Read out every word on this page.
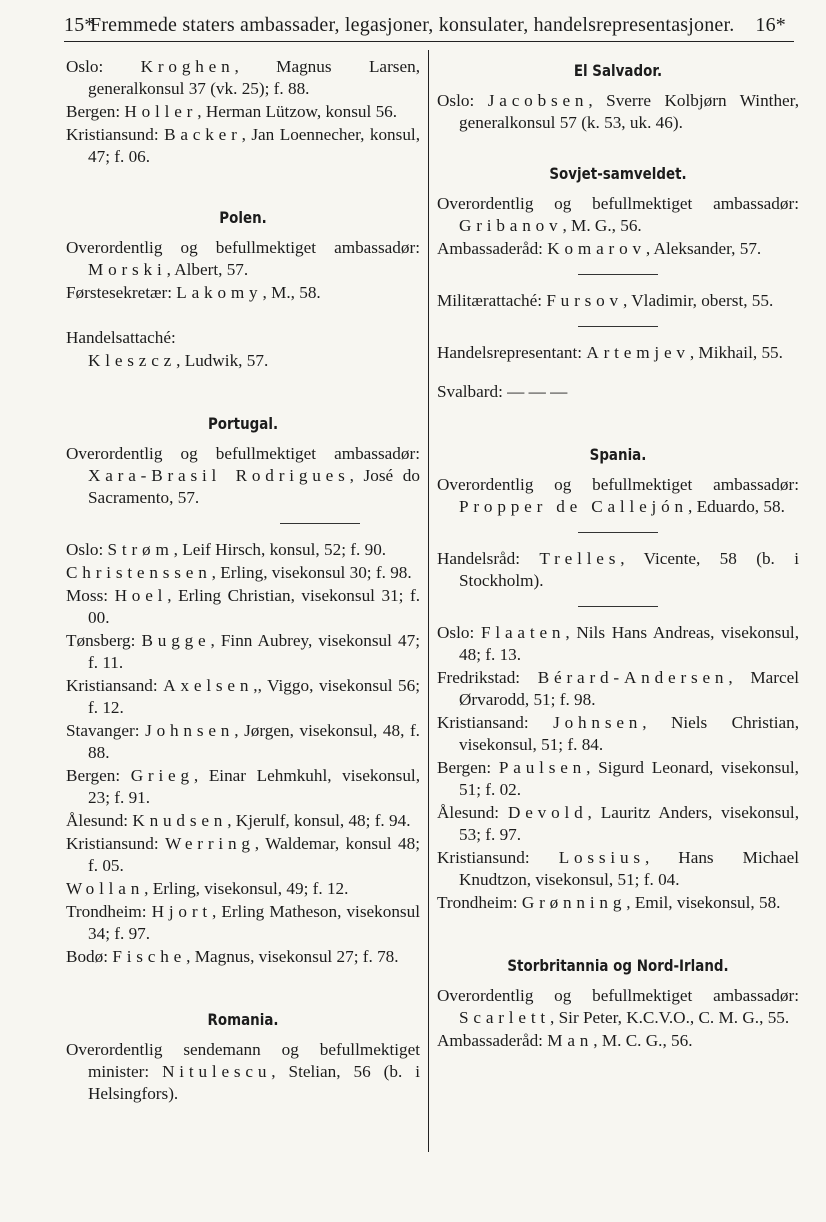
15*
Fremmede staters ambassader, legasjoner, konsulater, handelsrepresentasjoner. 16*

Oslo: Kroghen, Magnus Larsen, generalkonsul 37 (vk. 25); f. 88.

Bergen: Holler, Herman Lützow, konsul 56.

Kristiansund: Backer, Jan Loennecher, konsul, 47; f. 06.

Polen.

Overordentlig og befullmektiget ambassadør: Morski, Albert, 57.

Førstesekretær: Lakomy, M., 58.

Handelsattaché:

Kleszcz, Ludwik, 57.

Portugal.

Overordentlig og befullmektiget ambassadør: Xara-Brasil Rodrigues, José do Sacramento, 57.

Oslo: Strøm, Leif Hirsch, konsul, 52; f. 90.

Christenssen, Erling, visekonsul 30; f. 98.

Moss: Hoel, Erling Christian, visekonsul 31; f. 00.

Tønsberg: Bugge, Finn Aubrey, visekonsul 47; f. 11.

Kristiansand: Axelsen,, Viggo, visekonsul 56; f. 12.

Stavanger: Johnsen, Jørgen, visekonsul, 48, f. 88.

Bergen: Grieg, Einar Lehmkuhl, visekonsul, 23; f. 91.

Ålesund: Knudsen, Kjerulf, konsul, 48; f. 94.

Kristiansund: Werring, Waldemar, konsul 48; f. 05.

Wollan, Erling, visekonsul, 49; f. 12.

Trondheim: Hjort, Erling Matheson, visekonsul 34; f. 97.

Bodø: Fische, Magnus, visekonsul 27; f. 78.

Romania.

Overordentlig sendemann og befullmektiget minister: Nitulescu, Stelian, 56 (b. i Helsingfors).

El Salvador.

Oslo: Jacobsen, Sverre Kolbjørn Winther, generalkonsul 57 (k. 53, uk. 46).

Sovjet-samveldet.

Overordentlig og befullmektiget ambassadør: Gribanov, M. G., 56.

Ambassaderåd: Komarov, Aleksander, 57.

Militærattaché: Fursov, Vladimir, oberst, 55.

Handelsrepresentant: Artemjev, Mikhail, 55.

Svalbard: — — —

Spania.

Overordentlig og befullmektiget ambassadør: Propper de Callejón, Eduardo, 58.

Handelsråd: Trelles, Vicente, 58 (b. i Stockholm).

Oslo: Flaaten, Nils Hans Andreas, visekonsul, 48; f. 13.

Fredrikstad: Bérard-Andersen, Marcel Ørvarodd, 51; f. 98.

Kristiansand: Johnsen, Niels Christian, visekonsul, 51; f. 84.

Bergen: Paulsen, Sigurd Leonard, visekonsul, 51; f. 02.

Ålesund: Devold, Lauritz Anders, visekonsul, 53; f. 97.

Kristiansund: Lossius, Hans Michael Knudtzon, visekonsul, 51; f. 04.

Trondheim: Grønning, Emil, visekonsul, 58.

Storbritannia og Nord-Irland.

Overordentlig og befullmektiget ambassadør: Scarlett, Sir Peter, K.C.V.O., C. M. G., 55.

Ambassaderåd: Man, M. C. G., 56.
